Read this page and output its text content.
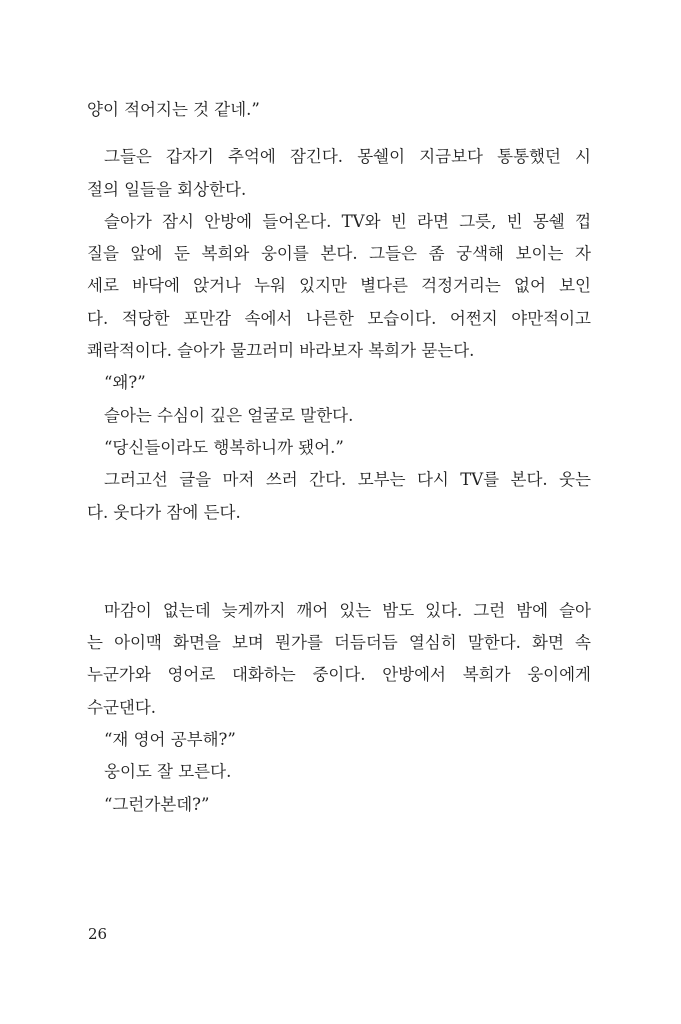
양이 적어지는 것 같네.”
그들은 갑자기 추억에 잠긴다. 몽쉘이 지금보다 통통했던 시
절의 일들을 회상한다.
슬아가 잠시 안방에 들어온다. TV와 빈 라면 그릇, 빈 몽쉘 껍
질을 앞에 둔 복희와 웅이를 본다. 그들은 좀 궁색해 보이는 자
세로 바닥에 앉거나 누워 있지만 별다른 걱정거리는 없어 보인
다. 적당한 포만감 속에서 나른한 모습이다. 어쩐지 야만적이고
쾌락적이다. 슬아가 물끄러미 바라보자 복희가 묻는다.
“왜?”
슬아는 수심이 깊은 얼굴로 말한다.
“당신들이라도 행복하니까 됐어.”
그러고선 글을 마저 쓰러 간다. 모부는 다시 TV를 본다. 웃는
다. 웃다가 잠에 든다.
마감이 없는데 늦게까지 깨어 있는 밤도 있다. 그런 밤에 슬아
는 아이맥 화면을 보며 뭔가를 더듬더듬 열심히 말한다. 화면 속
누군가와 영어로 대화하는 중이다. 안방에서 복희가 웅이에게
수군댄다.
“재 영어 공부해?”
웅이도 잘 모른다.
“그런가본데?”
26
